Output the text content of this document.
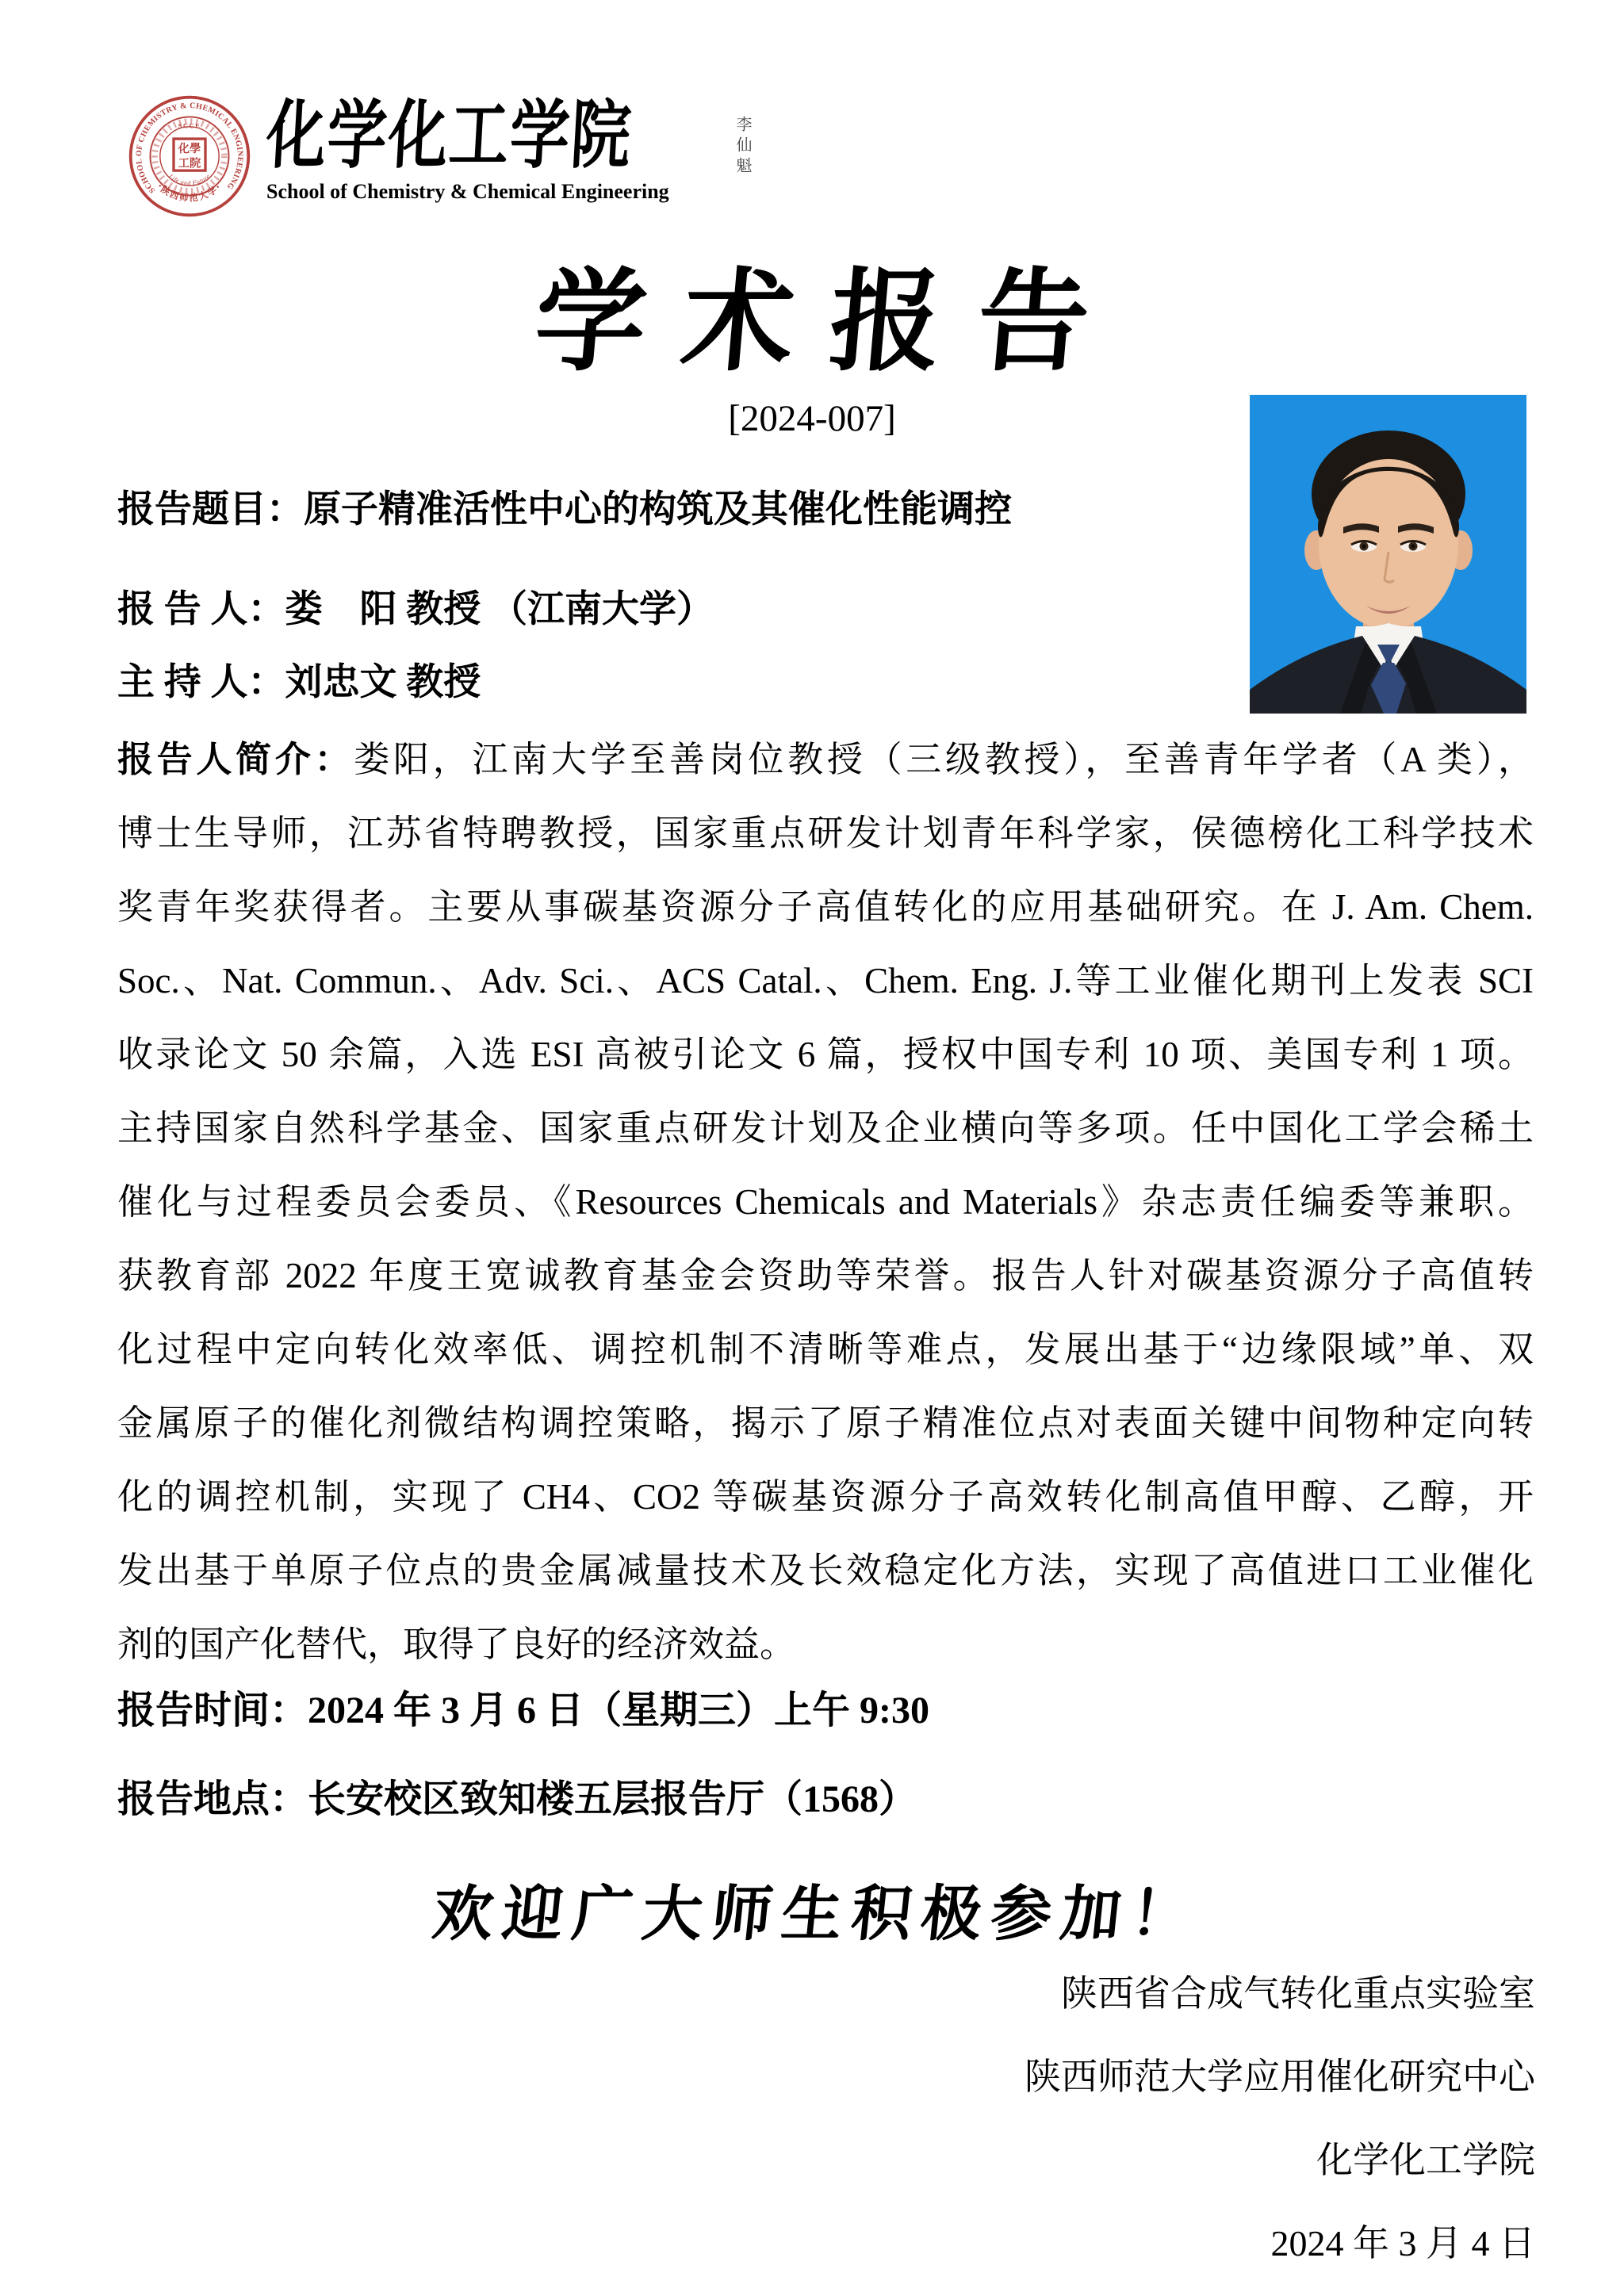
SCHOOL OF CHEMISTRY & CHEMICAL ENGINEERING
·陕西师范大学·
SCCE
化學
工院
Life and Future 化学化工学院
School of Chemistry & Chemical Engineering
李仙魁
学术报告
[2024-007]
报告题目：原子精准活性中心的构筑及其催化性能调控
报 告 人：娄　阳 教授 （江南大学）
主 持 人：刘忠文 教授
报告人简介：娄阳，江南大学至善岗位教授（三级教授），至善青年学者（A 类），
博士生导师，江苏省特聘教授，国家重点研发计划青年科学家，侯德榜化工科学技术
奖青年奖获得者。主要从事碳基资源分子高值转化的应用基础研究。在 J. Am. Chem.
Soc.、Nat. Commun.、Adv. Sci.、ACS Catal.、Chem. Eng. J.等工业催化期刊上发表 SCI
收录论文 50 余篇，入选 ESI 高被引论文 6 篇，授权中国专利 10 项、美国专利 1 项。
主持国家自然科学基金、国家重点研发计划及企业横向等多项。任中国化工学会稀土
催化与过程委员会委员、《Resources Chemicals and Materials》杂志责任编委等兼职。
获教育部 2022 年度王宽诚教育基金会资助等荣誉。报告人针对碳基资源分子高值转
化过程中定向转化效率低、调控机制不清晰等难点，发展出基于“边缘限域”单、双
金属原子的催化剂微结构调控策略，揭示了原子精准位点对表面关键中间物种定向转
化的调控机制，实现了 CH4、CO2 等碳基资源分子高效转化制高值甲醇、乙醇，开
发出基于单原子位点的贵金属减量技术及长效稳定化方法，实现了高值进口工业催化
剂的国产化替代，取得了良好的经济效益。
报告时间：2024 年 3 月 6 日（星期三）上午 9:30
报告地点：长安校区致知楼五层报告厅（1568）
欢迎广大师生积极参加！
陕西省合成气转化重点实验室
陕西师范大学应用催化研究中心
化学化工学院
2024 年 3 月 4 日
